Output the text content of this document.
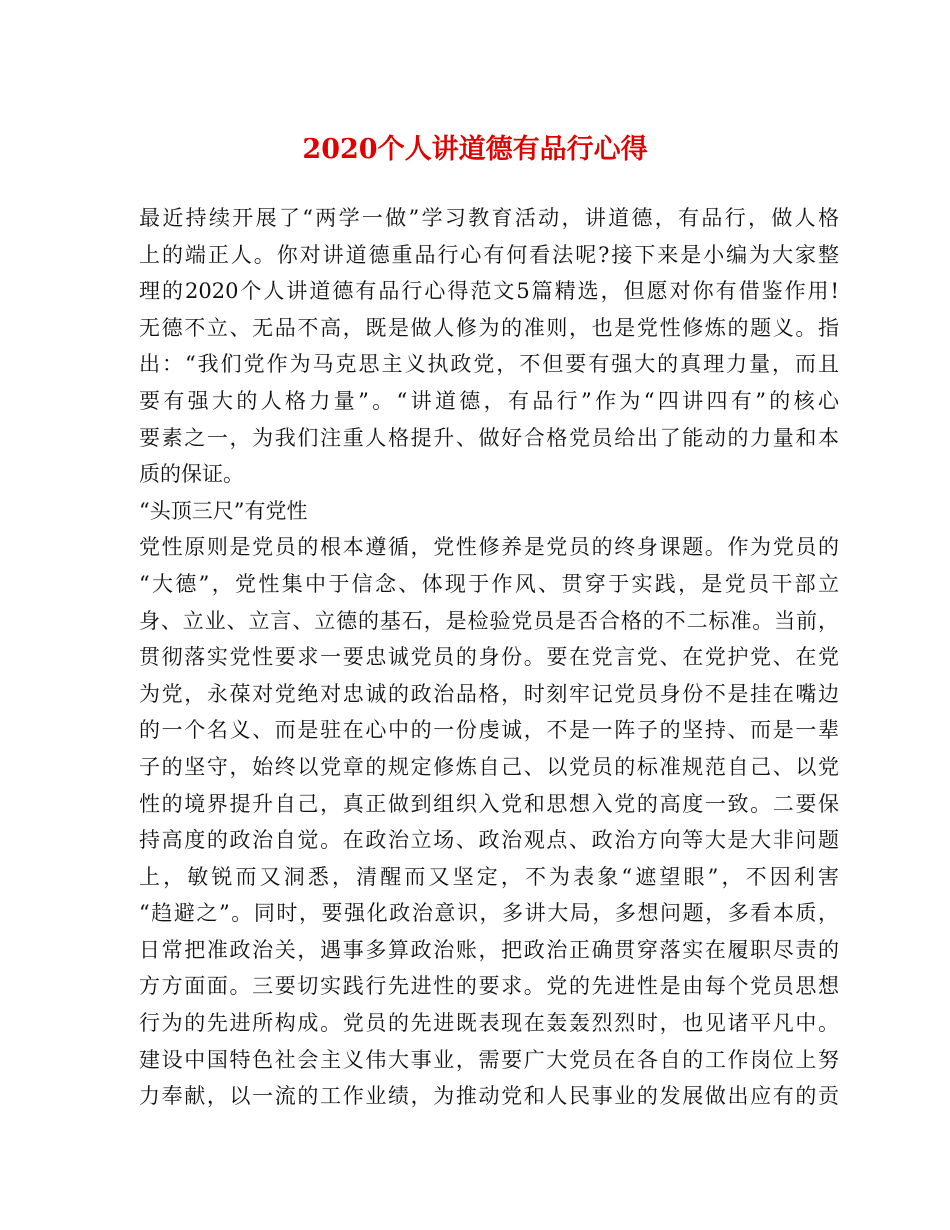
2020个人讲道德有品行心得
最近持续开展了“两学一做”学习教育活动，讲道德，有品行，做人格
上的端正人。你对讲道德重品行心有何看法呢?接下来是小编为大家整
理的2020个人讲道德有品行心得范文5篇精选，但愿对你有借鉴作用!
无德不立、无品不高，既是做人修为的准则，也是党性修炼的题义。指
出：“我们党作为马克思主义执政党，不但要有强大的真理力量，而且
要有强大的人格力量”。“讲道德，有品行”作为“四讲四有”的核心
要素之一，为我们注重人格提升、做好合格党员给出了能动的力量和本
质的保证。
“头顶三尺”有党性
党性原则是党员的根本遵循，党性修养是党员的终身课题。作为党员的
“大德”，党性集中于信念、体现于作风、贯穿于实践，是党员干部立
身、立业、立言、立德的基石，是检验党员是否合格的不二标准。当前，
贯彻落实党性要求一要忠诚党员的身份。要在党言党、在党护党、在党
为党，永葆对党绝对忠诚的政治品格，时刻牢记党员身份不是挂在嘴边
的一个名义、而是驻在心中的一份虔诚，不是一阵子的坚持、而是一辈
子的坚守，始终以党章的规定修炼自己、以党员的标准规范自己、以党
性的境界提升自己，真正做到组织入党和思想入党的高度一致。二要保
持高度的政治自觉。在政治立场、政治观点、政治方向等大是大非问题
上，敏锐而又洞悉，清醒而又坚定，不为表象“遮望眼”，不因利害
“趋避之”。同时，要强化政治意识，多讲大局，多想问题，多看本质，
日常把准政治关，遇事多算政治账，把政治正确贯穿落实在履职尽责的
方方面面。三要切实践行先进性的要求。党的先进性是由每个党员思想
行为的先进所构成。党员的先进既表现在轰轰烈烈时，也见诸平凡中。
建设中国特色社会主义伟大事业，需要广大党员在各自的工作岗位上努
力奉献，以一流的工作业绩，为推动党和人民事业的发展做出应有的贡
